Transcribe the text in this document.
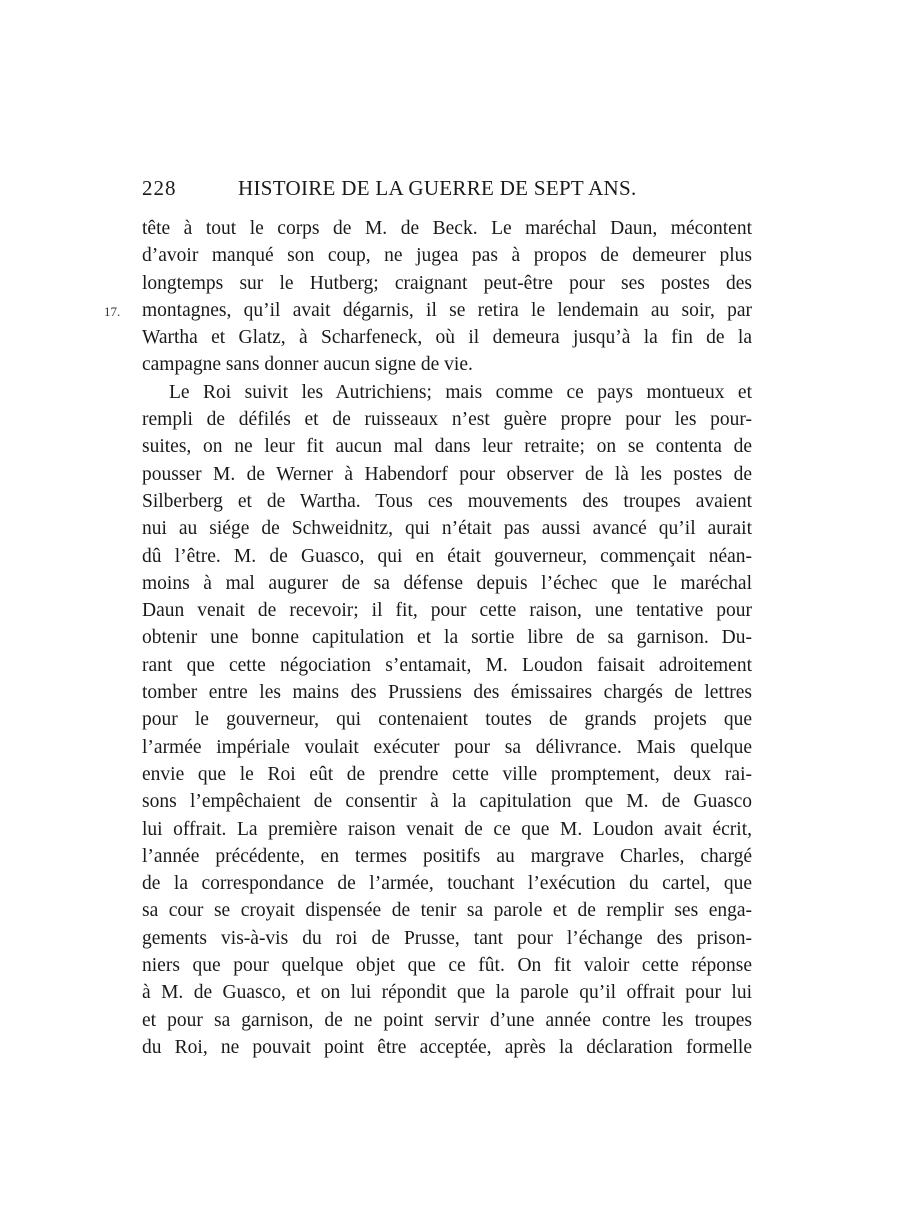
228	HISTOIRE DE LA GUERRE DE SEPT ANS.
17.
tête à tout le corps de M. de Beck. Le maréchal Daun, mécontent
d’avoir manqué son coup, ne jugea pas à propos de demeurer plus
longtemps sur le Hutberg; craignant peut-être pour ses postes des
montagnes, qu’il avait dégarnis, il se retira le lendemain au soir, par
Wartha et Glatz, à Scharfeneck, où il demeura jusqu’à la fin de la
campagne sans donner aucun signe de vie.
Le Roi suivit les Autrichiens; mais comme ce pays montueux et
rempli de défilés et de ruisseaux n’est guère propre pour les pour-
suites, on ne leur fit aucun mal dans leur retraite; on se contenta de
pousser M. de Werner à Habendorf pour observer de là les postes de
Silberberg et de Wartha. Tous ces mouvements des troupes avaient
nui au siége de Schweidnitz, qui n’était pas aussi avancé qu’il aurait
dû l’être. M. de Guasco, qui en était gouverneur, commençait néan-
moins à mal augurer de sa défense depuis l’échec que le maréchal
Daun venait de recevoir; il fit, pour cette raison, une tentative pour
obtenir une bonne capitulation et la sortie libre de sa garnison. Du-
rant que cette négociation s’entamait, M. Loudon faisait adroitement
tomber entre les mains des Prussiens des émissaires chargés de lettres
pour le gouverneur, qui contenaient toutes de grands projets que
l’armée impériale voulait exécuter pour sa délivrance. Mais quelque
envie que le Roi eût de prendre cette ville promptement, deux rai-
sons l’empêchaient de consentir à la capitulation que M. de Guasco
lui offrait. La première raison venait de ce que M. Loudon avait écrit,
l’année précédente, en termes positifs au margrave Charles, chargé
de la correspondance de l’armée, touchant l’exécution du cartel, que
sa cour se croyait dispensée de tenir sa parole et de remplir ses enga-
gements vis-à-vis du roi de Prusse, tant pour l’échange des prison-
niers que pour quelque objet que ce fût. On fit valoir cette réponse
à M. de Guasco, et on lui répondit que la parole qu’il offrait pour lui
et pour sa garnison, de ne point servir d’une année contre les troupes
du Roi, ne pouvait point être acceptée, après la déclaration formelle
